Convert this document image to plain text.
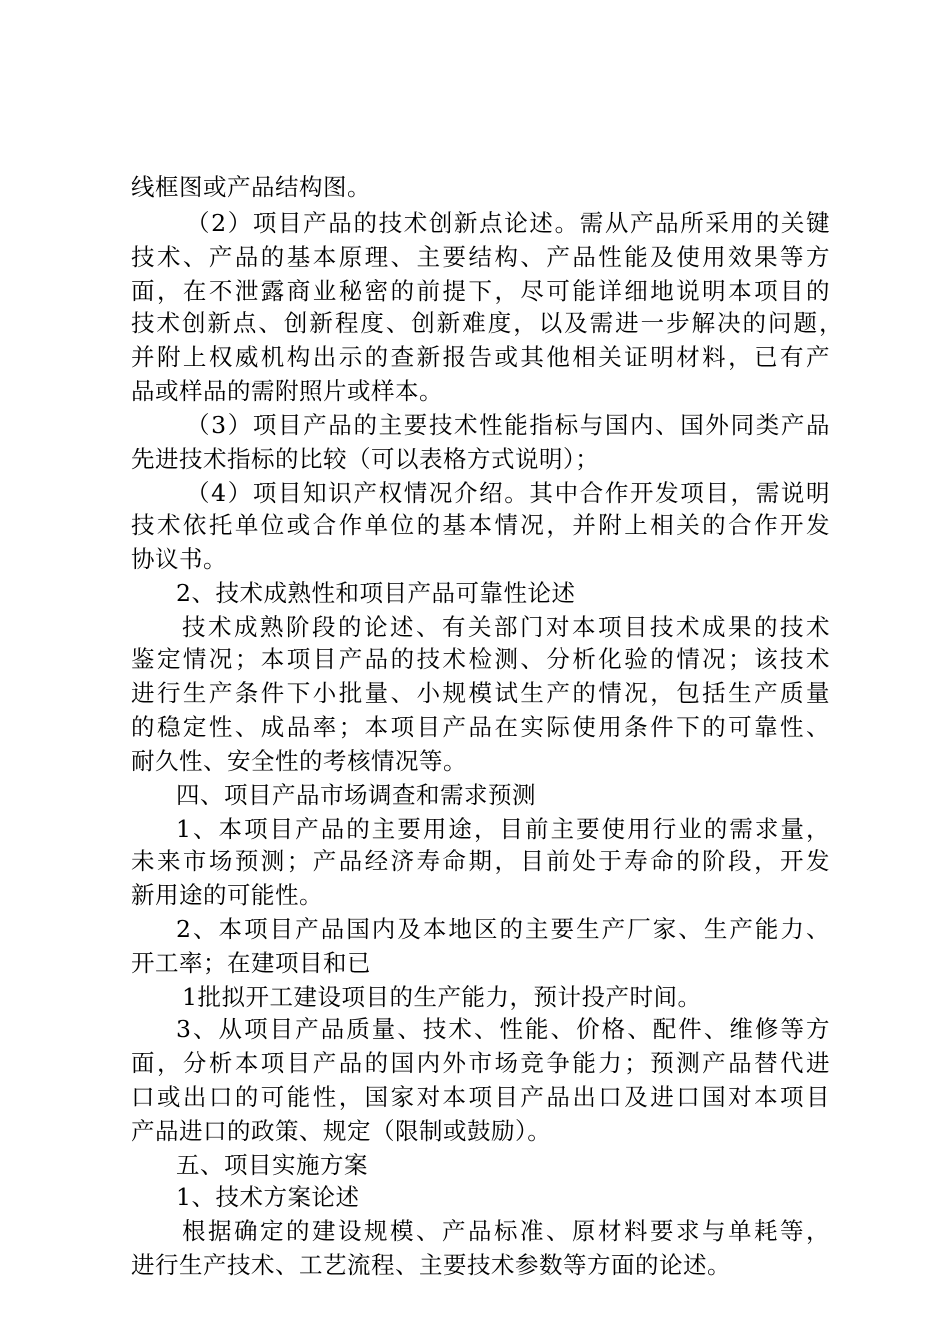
线框图或产品结构图。
（2）项目产品的技术创新点论述。需从产品所采用的关键
技术、产品的基本原理、主要结构、产品性能及使用效果等方
面，在不泄露商业秘密的前提下，尽可能详细地说明本项目的
技术创新点、创新程度、创新难度，以及需进一步解决的问题，
并附上权威机构出示的查新报告或其他相关证明材料，已有产
品或样品的需附照片或样本。
（3）项目产品的主要技术性能指标与国内、国外同类产品
先进技术指标的比较（可以表格方式说明）；
（4）项目知识产权情况介绍。其中合作开发项目，需说明
技术依托单位或合作单位的基本情况，并附上相关的合作开发
协议书。
2、技术成熟性和项目产品可靠性论述
技术成熟阶段的论述、有关部门对本项目技术成果的技术
鉴定情况；本项目产品的技术检测、分析化验的情况；该技术
进行生产条件下小批量、小规模试生产的情况，包括生产质量
的稳定性、成品率；本项目产品在实际使用条件下的可靠性、
耐久性、安全性的考核情况等。
四、项目产品市场调查和需求预测
1、本项目产品的主要用途，目前主要使用行业的需求量，
未来市场预测；产品经济寿命期，目前处于寿命的阶段，开发
新用途的可能性。
2、本项目产品国内及本地区的主要生产厂家、生产能力、
开工率；在建项目和已
1批拟开工建设项目的生产能力，预计投产时间。
3、从项目产品质量、技术、性能、价格、配件、维修等方
面，分析本项目产品的国内外市场竞争能力；预测产品替代进
口或出口的可能性，国家对本项目产品出口及进口国对本项目
产品进口的政策、规定（限制或鼓励）。
五、项目实施方案
1、技术方案论述
根据确定的建设规模、产品标准、原材料要求与单耗等，
进行生产技术、工艺流程、主要技术参数等方面的论述。
